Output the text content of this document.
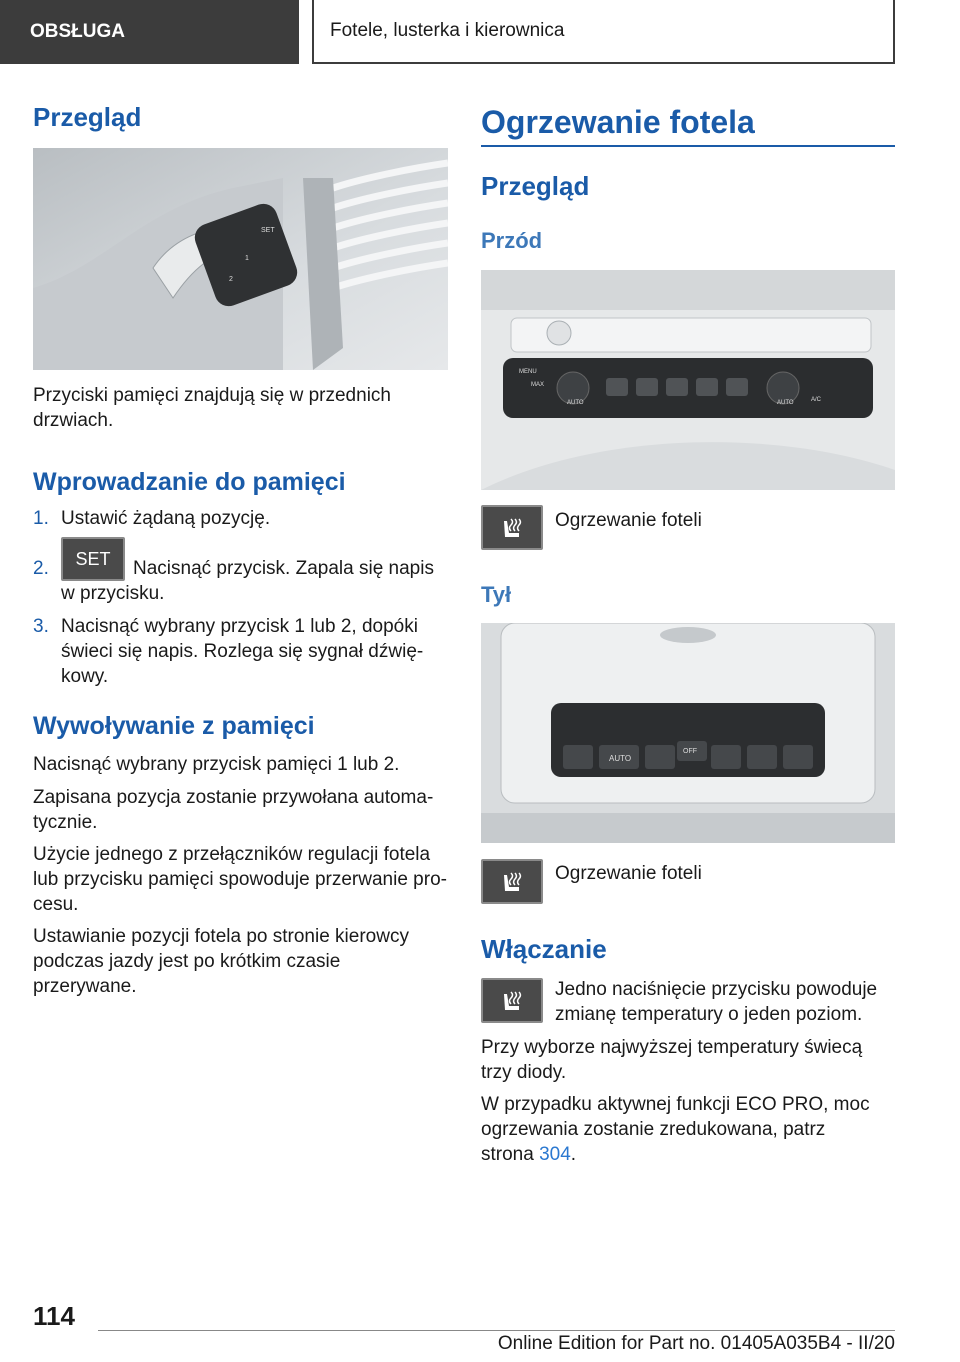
OBSŁUGA	Fotele, lusterka i kierownica
Przegląd
SET
1
2

Przyciski pamięci znajdują się w przednich drzwiach.

Wprowadzanie do pamięci

1. Ustawić żądaną pozycję.

2.	SET	Nacisnąć przycisk. Zapala się napis w przycisku.

3. Nacisnąć wybrany przycisk 1 lub 2, dopóki świeci się napis. Rozlega się sygnał dźwiękowy.

Wywoływanie z pamięci

Nacisnąć wybrany przycisk pamięci 1 lub 2.

Zapisana pozycja zostanie przywołana automatycznie.

Użycie jednego z przełączników regulacji fotela lub przycisku pamięci spowoduje przerwanie procesu.

Ustawianie pozycji fotela po stronie kierowcy podczas jazdy jest po krótkim czasie przerywane.

Ogrzewanie fotela
Przegląd
Przód
MENU
MAX
AUTO	AUTO	A/C

Ogrzewanie foteli

Tył
AUTO
OFF

Ogrzewanie foteli

Włączanie

Jedno naciśnięcie przycisku powoduje zmianę temperatury o jeden poziom.

Przy wyborze najwyższej temperatury świecą trzy diody.

W przypadku aktywnej funkcji ECO PRO, moc ogrzewania zostanie zredukowana, patrz strona 304.

114
Online Edition for Part no. 01405A035B4 - II/20
